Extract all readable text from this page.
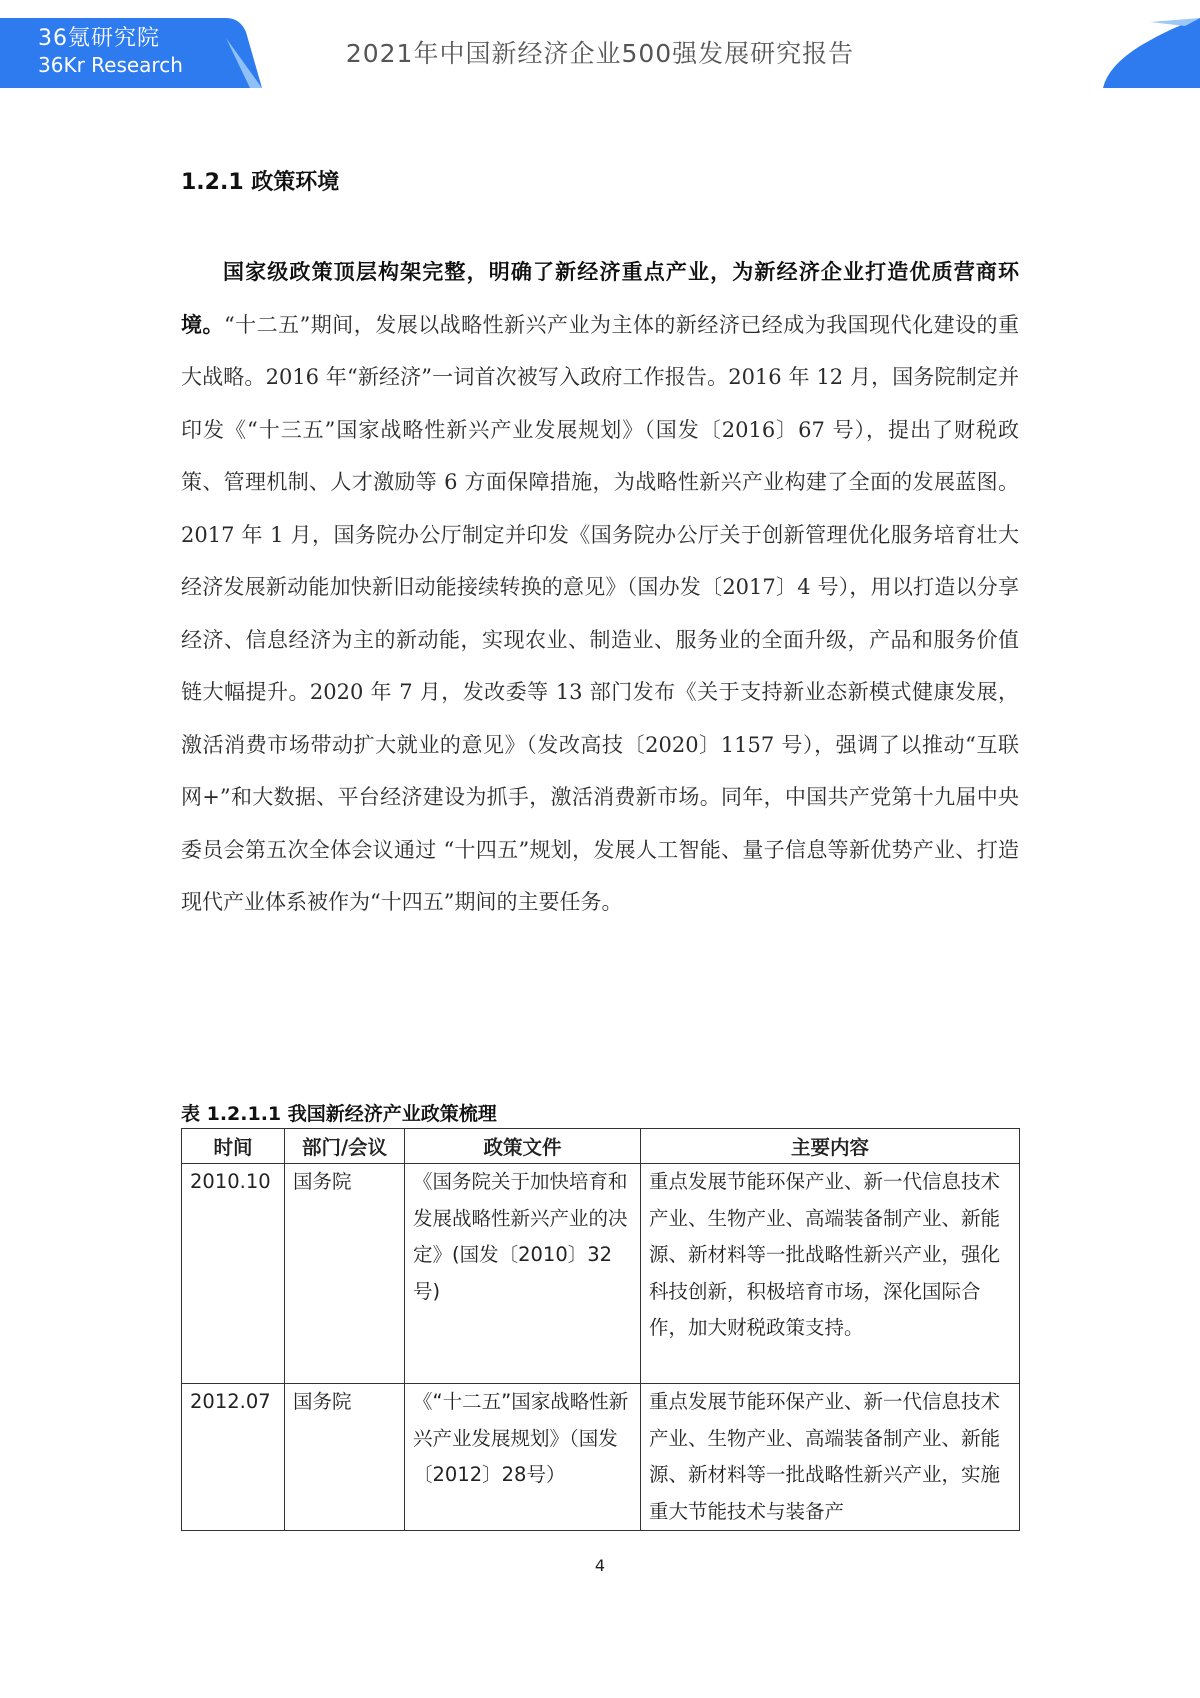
36氪研究院
36Kr Research	2021年中国新经济企业500强发展研究报告
1.2.1 政策环境

国家级政策顶层构架完整，明确了新经济重点产业，为新经济企业打造优质营商环境。“十二五”期间，发展以战略性新兴产业为主体的新经济已经成为我国现代化建设的重大战略。2016 年“新经济”一词首次被写入政府工作报告。2016 年 12 月，国务院制定并印发《“十三五”国家战略性新兴产业发展规划》（国发〔2016〕67 号），提出了财税政策、管理机制、人才激励等 6 方面保障措施，为战略性新兴产业构建了全面的发展蓝图。2017 年 1 月，国务院办公厅制定并印发《国务院办公厅关于创新管理优化服务培育壮大经济发展新动能加快新旧动能接续转换的意见》（国办发〔2017〕4 号），用以打造以分享经济、信息经济为主的新动能，实现农业、制造业、服务业的全面升级，产品和服务价值链大幅提升。2020 年 7 月，发改委等 13 部门发布《关于支持新业态新模式健康发展，激活消费市场带动扩大就业的意见》（发改高技〔2020〕1157 号），强调了以推动“互联网+”和大数据、平台经济建设为抓手，激活消费新市场。同年，中国共产党第十九届中央委员会第五次全体会议通过 “十四五”规划，发展人工智能、量子信息等新优势产业、打造现代产业体系被作为“十四五”期间的主要任务。

表 1.2.1.1 我国新经济产业政策梳理
时间	部门/会议	政策文件	主要内容
2010.10	国务院	《国务院关于加快培育和发展战略性新兴产业的决定》(国发〔2010〕32号)	重点发展节能环保产业、新一代信息技术产业、生物产业、高端装备制产业、新能源、新材料等一批战略性新兴产业，强化科技创新，积极培育市场，深化国际合作，加大财税政策支持。
2012.07	国务院	《“十二五”国家战略性新兴产业发展规划》（国发〔2012〕28号）	重点发展节能环保产业、新一代信息技术产业、生物产业、高端装备制产业、新能源、新材料等一批战略性新兴产业，实施重大节能技术与装备产
4
